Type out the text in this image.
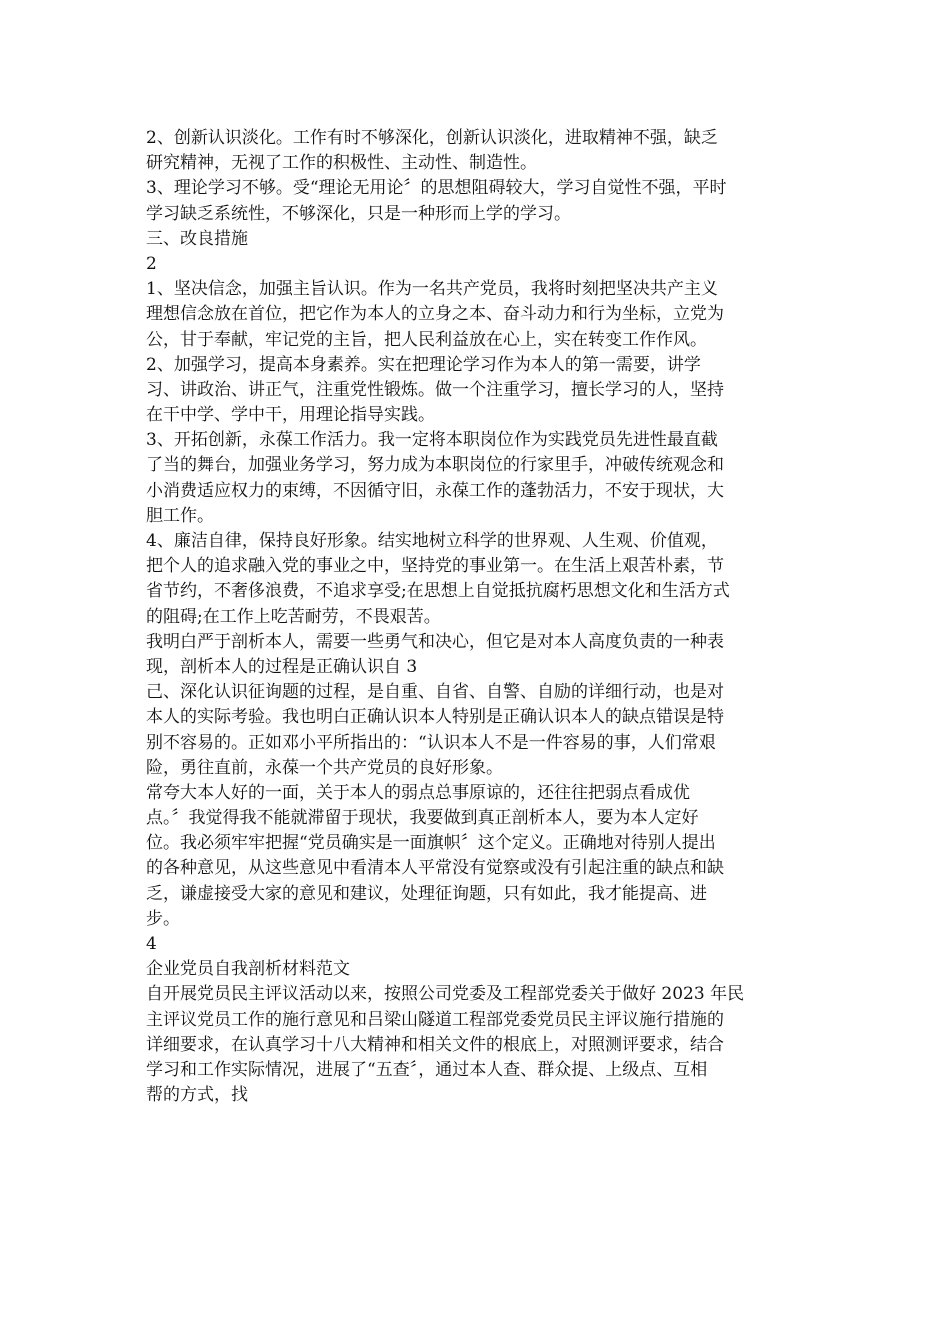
2、创新认识淡化。工作有时不够深化，创新认识淡化，进取精神不强，缺乏
研究精神，无视了工作的积极性、主动性、制造性。
3、理论学习不够。受“理论无用论〞的思想阻碍较大，学习自觉性不强，平时
学习缺乏系统性，不够深化，只是一种形而上学的学习。
三、改良措施
2
1、坚决信念，加强主旨认识。作为一名共产党员，我将时刻把坚决共产主义
理想信念放在首位，把它作为本人的立身之本、奋斗动力和行为坐标，立党为
公，甘于奉献，牢记党的主旨，把人民利益放在心上，实在转变工作作风。
2、加强学习，提高本身素养。实在把理论学习作为本人的第一需要，讲学
习、讲政治、讲正气，注重党性锻炼。做一个注重学习，擅长学习的人，坚持
在干中学、学中干，用理论指导实践。
3、开拓创新，永葆工作活力。我一定将本职岗位作为实践党员先进性最直截
了当的舞台，加强业务学习，努力成为本职岗位的行家里手，冲破传统观念和
小消费适应权力的束缚，不因循守旧，永葆工作的蓬勃活力，不安于现状，大
胆工作。
4、廉洁自律，保持良好形象。结实地树立科学的世界观、人生观、价值观，
把个人的追求融入党的事业之中，坚持党的事业第一。在生活上艰苦朴素，节
省节约，不奢侈浪费，不追求享受;在思想上自觉抵抗腐朽思想文化和生活方式
的阻碍;在工作上吃苦耐劳，不畏艰苦。
我明白严于剖析本人，需要一些勇气和决心，但它是对本人高度负责的一种表
现，剖析本人的过程是正确认识自 3
己、深化认识征询题的过程，是自重、自省、自警、自励的详细行动，也是对
本人的实际考验。我也明白正确认识本人特别是正确认识本人的缺点错误是特
别不容易的。正如邓小平所指出的：“认识本人不是一件容易的事，人们常艰
险，勇往直前，永葆一个共产党员的良好形象。
常夸大本人好的一面，关于本人的弱点总事原谅的，还往往把弱点看成优
点。〞我觉得我不能就滞留于现状，我要做到真正剖析本人，要为本人定好
位。我必须牢牢把握“党员确实是一面旗帜〞这个定义。正确地对待别人提出
的各种意见，从这些意见中看清本人平常没有觉察或没有引起注重的缺点和缺
乏，谦虚接受大家的意见和建议，处理征询题，只有如此，我才能提高、进
步。
4
企业党员自我剖析材料范文
自开展党员民主评议活动以来，按照公司党委及工程部党委关于做好 2023 年民
主评议党员工作的施行意见和吕梁山隧道工程部党委党员民主评议施行措施的
详细要求，在认真学习十八大精神和相关文件的根底上，对照测评要求，结合
学习和工作实际情况，进展了“五查〞，通过本人查、群众提、上级点、互相
帮的方式，找
